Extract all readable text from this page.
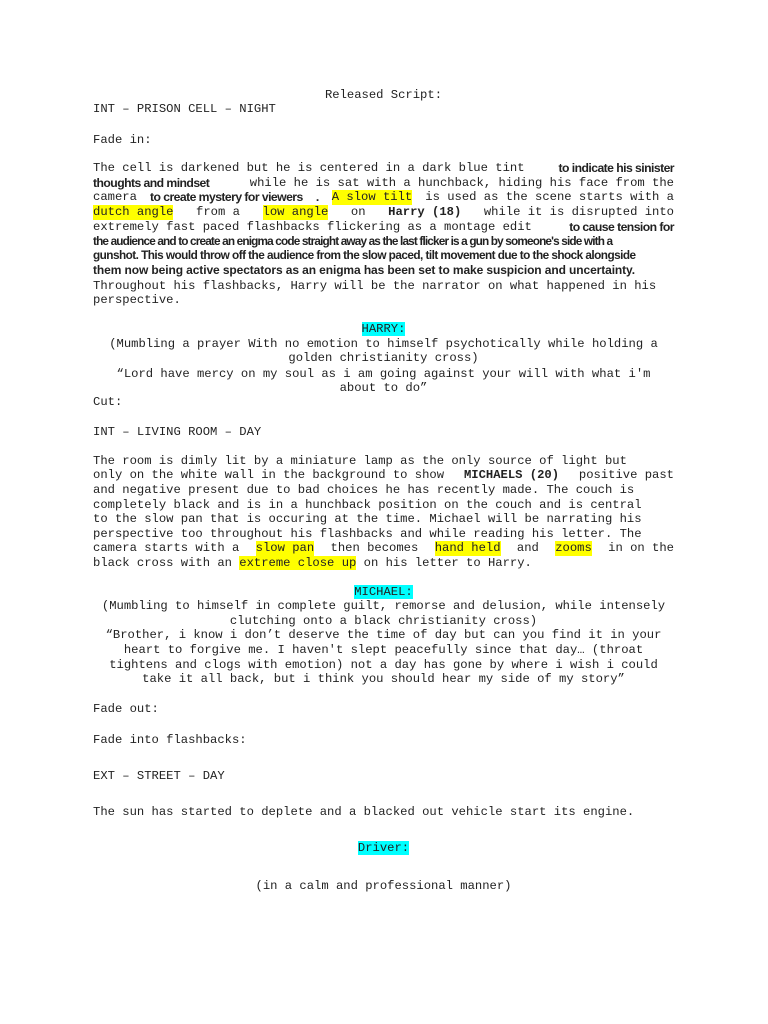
Released Script:
INT – PRISON CELL – NIGHT
Fade in:
The cell is darkened but he is centered in a dark blue tint	to indicate his sinister
thoughts and mindset	while he is sat with a hunchback, hiding his face from the
camera to create mystery for viewers . A slow tilt is used as the scene starts with a
dutch angle from a low angle on Harry (18) while it is disrupted into
extremely fast paced flashbacks flickering as a montage edit	to cause tension for
the audience and to create an enigma code straight away as the last flicker is a gun by someone's side with a
gunshot. This would throw off the audience from the slow paced, tilt movement due to the shock alongside
them now being active spectators as an enigma has been set to make suspicion and uncertainty.
Throughout his flashbacks, Harry will be the narrator on what happened in his
perspective.
HARRY:
(Mumbling a prayer With no emotion to himself psychotically while holding a
golden christianity cross)
“Lord have mercy on my soul as i am going against your will with what i'm
about to do”
Cut:
INT – LIVING ROOM – DAY
The room is dimly lit by a miniature lamp as the only source of light but
only on the white wall in the background to show MICHAELS (20) positive past
and negative present due to bad choices he has recently made. The couch is
completely black and is in a hunchback position on the couch and is central
to the slow pan that is occuring at the time. Michael will be narrating his
perspective too throughout his flashbacks and while reading his letter. The
camera starts with a slow pan then becomes hand held and zooms in on the
black cross with an extreme close up on his letter to Harry.
MICHAEL:
(Mumbling to himself in complete guilt, remorse and delusion, while intensely
clutching onto a black christianity cross)
“Brother, i know i don’t deserve the time of day but can you find it in your
heart to forgive me. I haven't slept peacefully since that day… (throat
tightens and clogs with emotion) not a day has gone by where i wish i could
take it all back, but i think you should hear my side of my story”
Fade out:
Fade into flashbacks:
EXT – STREET – DAY
The sun has started to deplete and a blacked out vehicle start its engine.
Driver:
(in a calm and professional manner)
